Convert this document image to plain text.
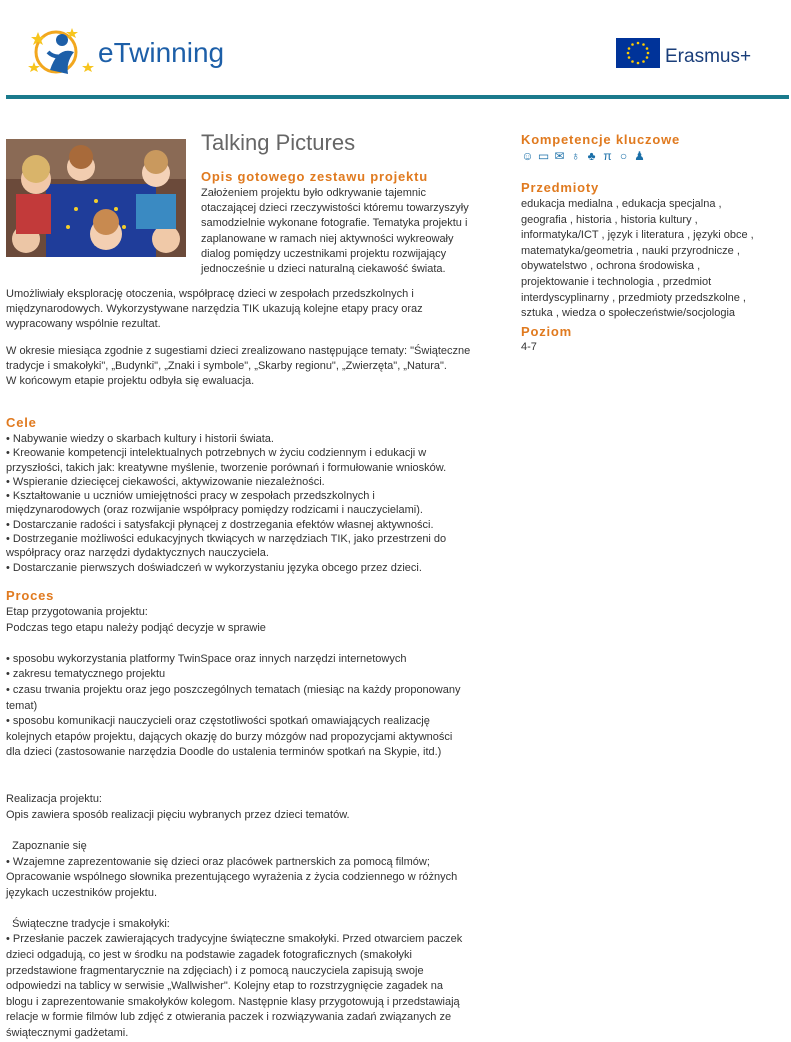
eTwinning	Erasmus+
Talking Pictures
Opis gotowego zestawu projektu
Założeniem projektu było odkrywanie tajemnic
otaczającej dzieci rzeczywistości któremu towarzyszyły
samodzielnie wykonane fotografie. Tematyka projektu i
zaplanowane w ramach niej aktywności wykreowały
dialog pomiędzy uczestnikami projektu rozwijający
jednocześnie u dzieci naturalną ciekawość świata.
Umożliwiały eksplorację otoczenia, współpracę dzieci w zespołach przedszkolnych i
międzynarodowych. Wykorzystywane narzędzia TIK ukazują kolejne etapy pracy oraz
wypracowany wspólnie rezultat.
W okresie miesiąca zgodnie z sugestiami dzieci zrealizowano następujące tematy: "Świąteczne
tradycje i smakołyki", „Budynki", „Znaki i symbole", „Skarby regionu", „Zwierzęta", „Natura".
W końcowym etapie projektu odbyła się ewaluacja.
Cele
• Nabywanie wiedzy o skarbach kultury i historii świata.
• Kreowanie kompetencji intelektualnych potrzebnych w życiu codziennym i edukacji w
przyszłości, takich jak: kreatywne myślenie, tworzenie porównań i formułowanie wniosków.
• Wspieranie dziecięcej ciekawości, aktywizowanie niezależności.
• Kształtowanie u uczniów umiejętności pracy w zespołach przedszkolnych i
międzynarodowych (oraz rozwijanie współpracy pomiędzy rodzicami i nauczycielami).
• Dostarczanie radości i satysfakcji płynącej z dostrzegania efektów własnej aktywności.
• Dostrzeganie możliwości edukacyjnych tkwiących w narzędziach TIK, jako przestrzeni do
współpracy oraz narzędzi dydaktycznych nauczyciela.
• Dostarczanie pierwszych doświadczeń w wykorzystaniu języka obcego przez dzieci.
Proces
Etap przygotowania projektu:
Podczas tego etapu należy podjąć decyzje w sprawie
• sposobu wykorzystania platformy TwinSpace oraz innych narzędzi internetowych
• zakresu tematycznego projektu
• czasu trwania projektu oraz jego poszczególnych tematach (miesiąc na każdy proponowany
temat)
• sposobu komunikacji nauczycieli oraz częstotliwości spotkań omawiających realizację
kolejnych etapów projektu, dających okazję do burzy mózgów nad propozycjami aktywności
dla dzieci (zastosowanie narzędzia Doodle do ustalenia terminów spotkań na Skypie, itd.)
Realizacja projektu:
Opis zawiera sposób realizacji pięciu wybranych przez dzieci tematów.
Zapoznanie się
• Wzajemne zaprezentowanie się dzieci oraz placówek partnerskich za pomocą filmów;
Opracowanie wspólnego słownika prezentującego wyrażenia z życia codziennego w różnych
językach uczestników projektu.
Świąteczne tradycje i smakołyki:
• Przesłanie paczek zawierających tradycyjne świąteczne smakołyki. Przed otwarciem paczek
dzieci odgadują, co jest w środku na podstawie zagadek fotograficznych (smakołyki
przedstawione fragmentarycznie na zdjęciach) i z pomocą nauczyciela zapisują swoje
odpowiedzi na tablicy w serwisie „Wallwisher". Kolejny etap to rozstrzygnięcie zagadek na
blogu i zaprezentowanie smakołyków kolegom. Następnie klasy przygotowują i przedstawiają
relacje w formie filmów lub zdjęć z otwierania paczek i rozwiązywania zadań związanych ze
świątecznymi gadżetami.
Kompetencje kluczowe
☺ ▭ ✉ ♁ ♣ π ○ ♟
Przedmioty
edukacja medialna , edukacja specjalna ,
geografia , historia , historia kultury ,
informatyka/ICT , język i literatura , języki obce ,
matematyka/geometria , nauki przyrodnicze ,
obywatelstwo , ochrona środowiska ,
projektowanie i technologia , przedmiot
interdyscyplinarny , przedmioty przedszkolne ,
sztuka , wiedza o społeczeństwie/socjologia
Poziom
4-7
